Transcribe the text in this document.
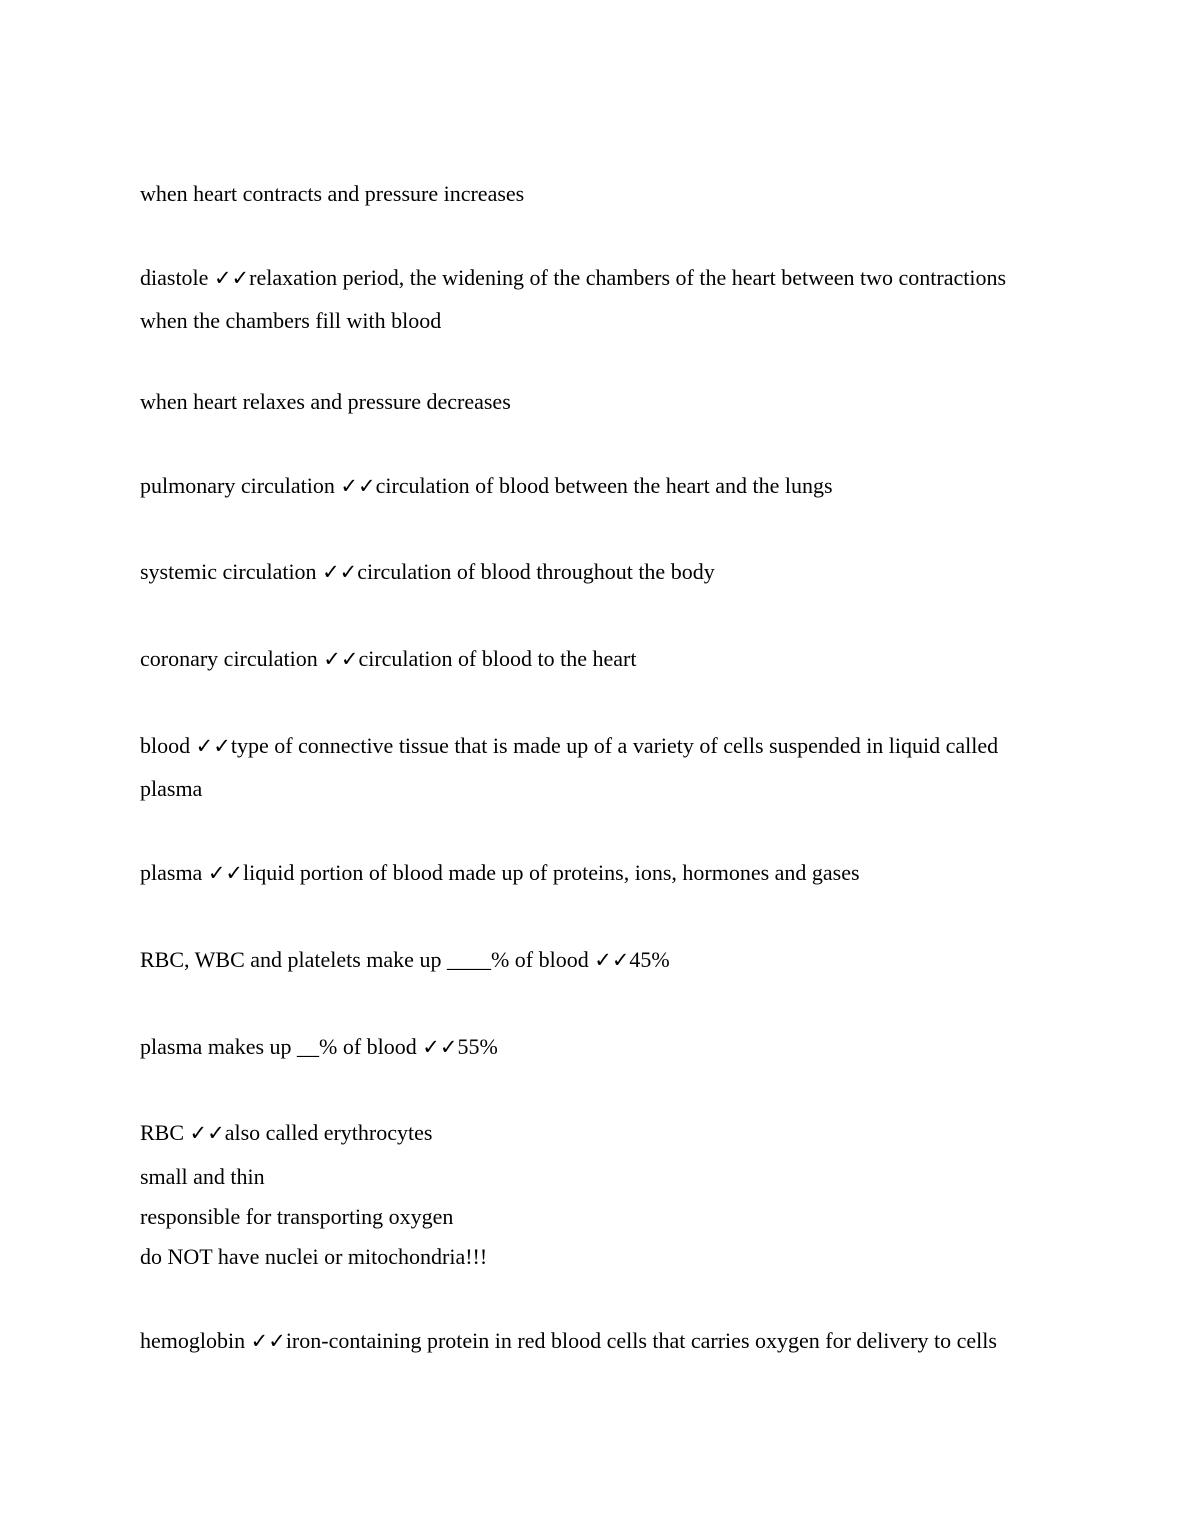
when heart contracts and pressure increases
diastole ✓✓relaxation period, the widening of the chambers of the heart between two contractions
when the chambers fill with blood
when heart relaxes and pressure decreases
pulmonary circulation ✓✓circulation of blood between the heart and the lungs
systemic circulation ✓✓circulation of blood throughout the body
coronary circulation ✓✓circulation of blood to the heart
blood ✓✓type of connective tissue that is made up of a variety of cells suspended in liquid called
plasma
plasma ✓✓liquid portion of blood made up of proteins, ions, hormones and gases
RBC, WBC and platelets make up ____% of blood ✓✓45%
plasma makes up __% of blood ✓✓55%
RBC ✓✓also called erythrocytes
small and thin
responsible for transporting oxygen
do NOT have nuclei or mitochondria!!!
hemoglobin ✓✓iron-containing protein in red blood cells that carries oxygen for delivery to cells
